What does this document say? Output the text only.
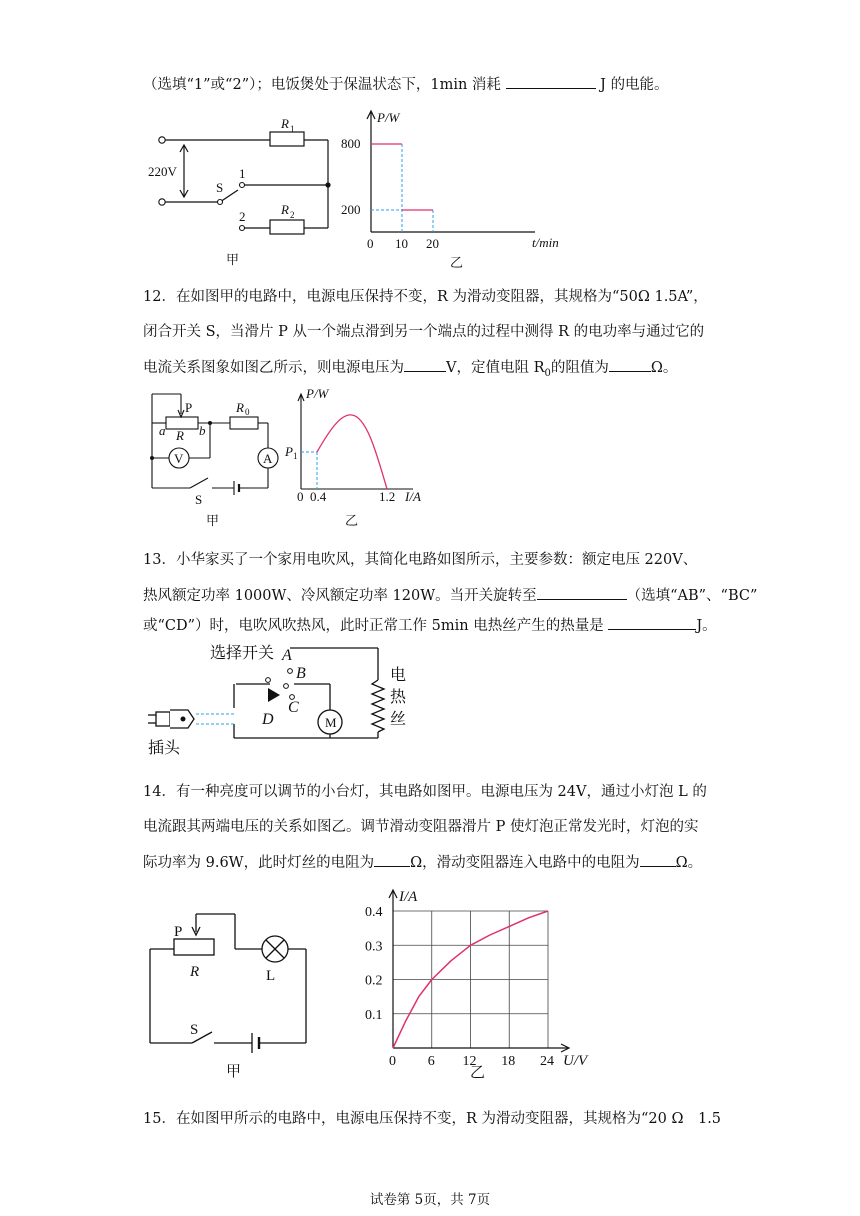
（选填“1”或“2”）；电饭煲处于保温状态下，1min 消耗	J 的电能。
220V
R 1
R 2
S
1
2
甲
P/W
t/min
乙
0 10 20
800
200
12．在如图甲的电路中，电源电压保持不变，R 为滑动变阻器，其规格为“50Ω 1.5A”，
闭合开关 S，当滑片 P 从一个端点滑到另一个端点的过程中测得 R 的电功率与通过它的
电流关系图象如图乙所示，则电源电压为	V，定值电阻 $R_0$的阻值为	Ω。
P
a R b
R 0
V	A
S
甲
P/W
P 1
0 0.4	1.2 I/A
乙
13．小华家买了一个家用电吹风，其简化电路如图所示，主要参数：额定电压 220V、
热风额定功率 1000W、冷风额定功率 120W。当开关旋转至	（选填“AB”、“BC”
或“CD”）时，电吹风吹热风，此时正常工作 5min 电热丝产生的热量是	J。
选择开关 A
B
C
D	M
电
热
丝
插头
14．有一种亮度可以调节的小台灯，其电路如图甲。电源电压为 24V，通过小灯泡 L 的
电流跟其两端电压的关系如图乙。调节滑动变阻器滑片 P 使灯泡正常发光时，灯泡的实
际功率为 9.6W，此时灯丝的电阻为 Ω，滑动变阻器连入电路中的电阻为 Ω。
P
R	L
S
甲
0 6 12 18 24
0.1
0.2
0.3
0.4
I/A
U/V
乙
15．在如图甲所示的电路中，电源电压保持不变，R 为滑动变阻器，其规格为“20 Ω　1.5
试卷第 5页，共 7页
